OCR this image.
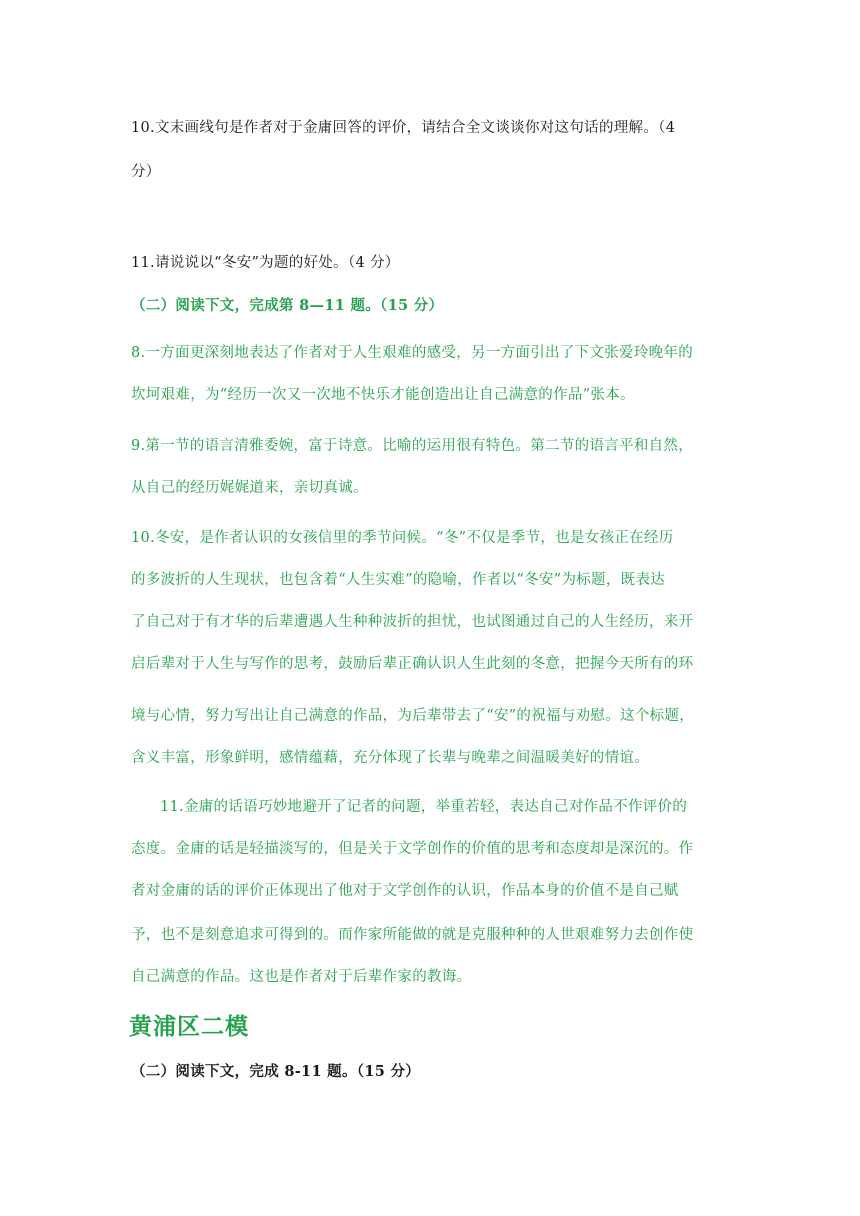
10.文末画线句是作者对于金庸回答的评价，请结合全文谈谈你对这句话的理解。（4
分）
11.请说说以“冬安”为题的好处。（4 分）
（二）阅读下文，完成第 8—11 题。（15 分）
8.一方面更深刻地表达了作者对于人生艰难的感受，另一方面引出了下文张爱玲晚年的
坎坷艰难，为“经历一次又一次地不快乐才能创造出让自己满意的作品”张本。
9.第一节的语言清雅委婉，富于诗意。比喻的运用很有特色。第二节的语言平和自然，
从自己的经历娓娓道来，亲切真诚。
10.冬安，是作者认识的女孩信里的季节问候。“冬”不仅是季节，也是女孩正在经历
的多波折的人生现状，也包含着“人生实难”的隐喻，作者以“冬安”为标题，既表达
了自己对于有才华的后辈遭遇人生种种波折的担忧，也试图通过自己的人生经历，来开
启后辈对于人生与写作的思考，鼓励后辈正确认识人生此刻的冬意，把握今天所有的环
境与心情，努力写出让自己满意的作品，为后辈带去了“安”的祝福与劝慰。这个标题，
含义丰富，形象鲜明，感情蕴藉，充分体现了长辈与晚辈之间温暖美好的情谊。
11.金庸的话语巧妙地避开了记者的问题，举重若轻，表达自己对作品不作评价的
态度。金庸的话是轻描淡写的，但是关于文学创作的价值的思考和态度却是深沉的。作
者对金庸的话的评价正体现出了他对于文学创作的认识，作品本身的价值不是自己赋
予，也不是刻意追求可得到的。而作家所能做的就是克服种种的人世艰难努力去创作使
自己满意的作品。这也是作者对于后辈作家的教诲。
黄浦区二模
（二）阅读下文，完成 8-11 题。（15 分）
